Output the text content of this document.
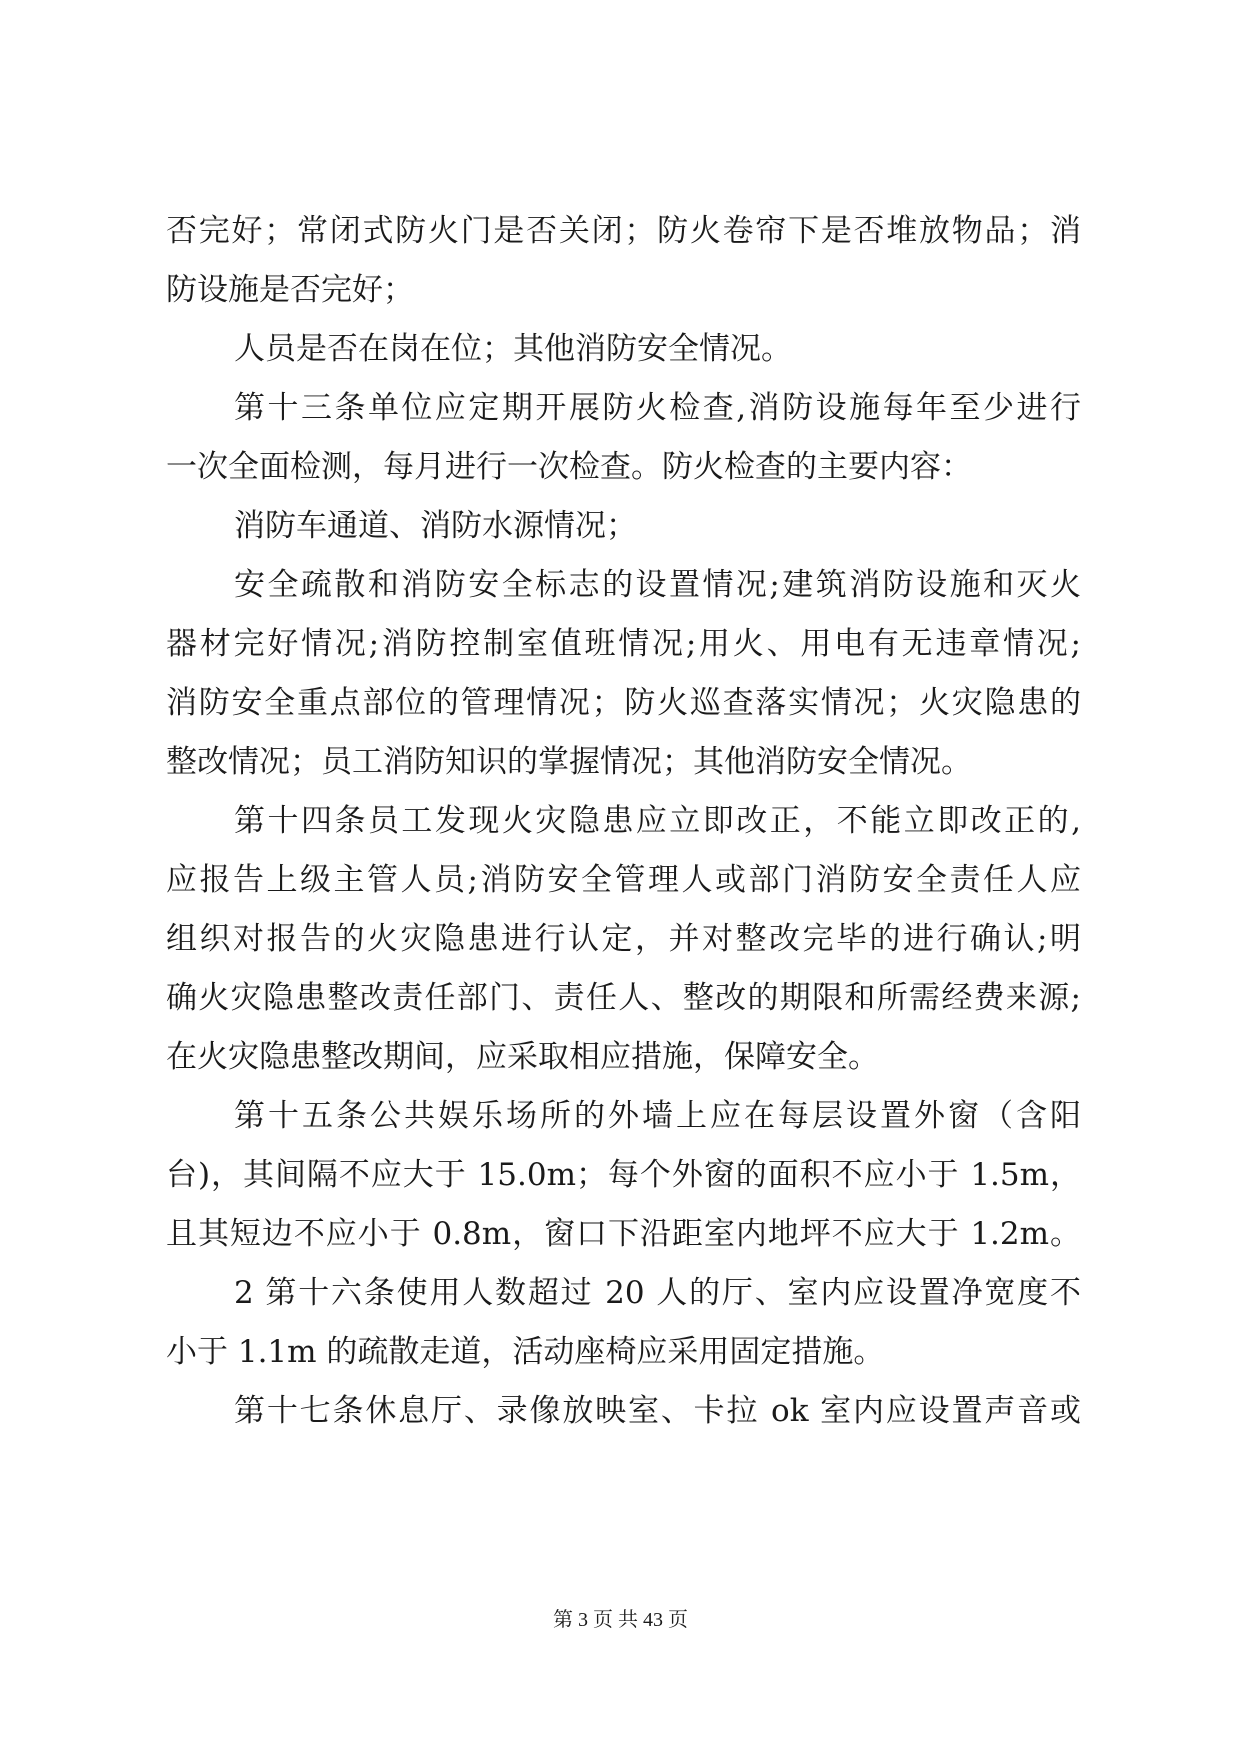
否完好；常闭式防火门是否关闭；防火卷帘下是否堆放物品；消
防设施是否完好；
人员是否在岗在位；其他消防安全情况。
第十三条单位应定期开展防火检查,消防设施每年至少进行
一次全面检测，每月进行一次检查。防火检查的主要内容：
消防车通道、消防水源情况；
安全疏散和消防安全标志的设置情况;建筑消防设施和灭火
器材完好情况;消防控制室值班情况;用火、用电有无违章情况;
消防安全重点部位的管理情况；防火巡查落实情况；火灾隐患的
整改情况；员工消防知识的掌握情况；其他消防安全情况。
第十四条员工发现火灾隐患应立即改正，不能立即改正的,
应报告上级主管人员;消防安全管理人或部门消防安全责任人应
组织对报告的火灾隐患进行认定，并对整改完毕的进行确认;明
确火灾隐患整改责任部门、责任人、整改的期限和所需经费来源;
在火灾隐患整改期间，应采取相应措施，保障安全。
第十五条公共娱乐场所的外墙上应在每层设置外窗（含阳
台)，其间隔不应大于 15.0m；每个外窗的面积不应小于 1.5m，
且其短边不应小于 0.8m，窗口下沿距室内地坪不应大于 1.2m。
2 第十六条使用人数超过 20 人的厅、室内应设置净宽度不
小于 1.1m 的疏散走道，活动座椅应采用固定措施。
第十七条休息厅、录像放映室、卡拉 ok 室内应设置声音或
第 3 页 共 43 页
